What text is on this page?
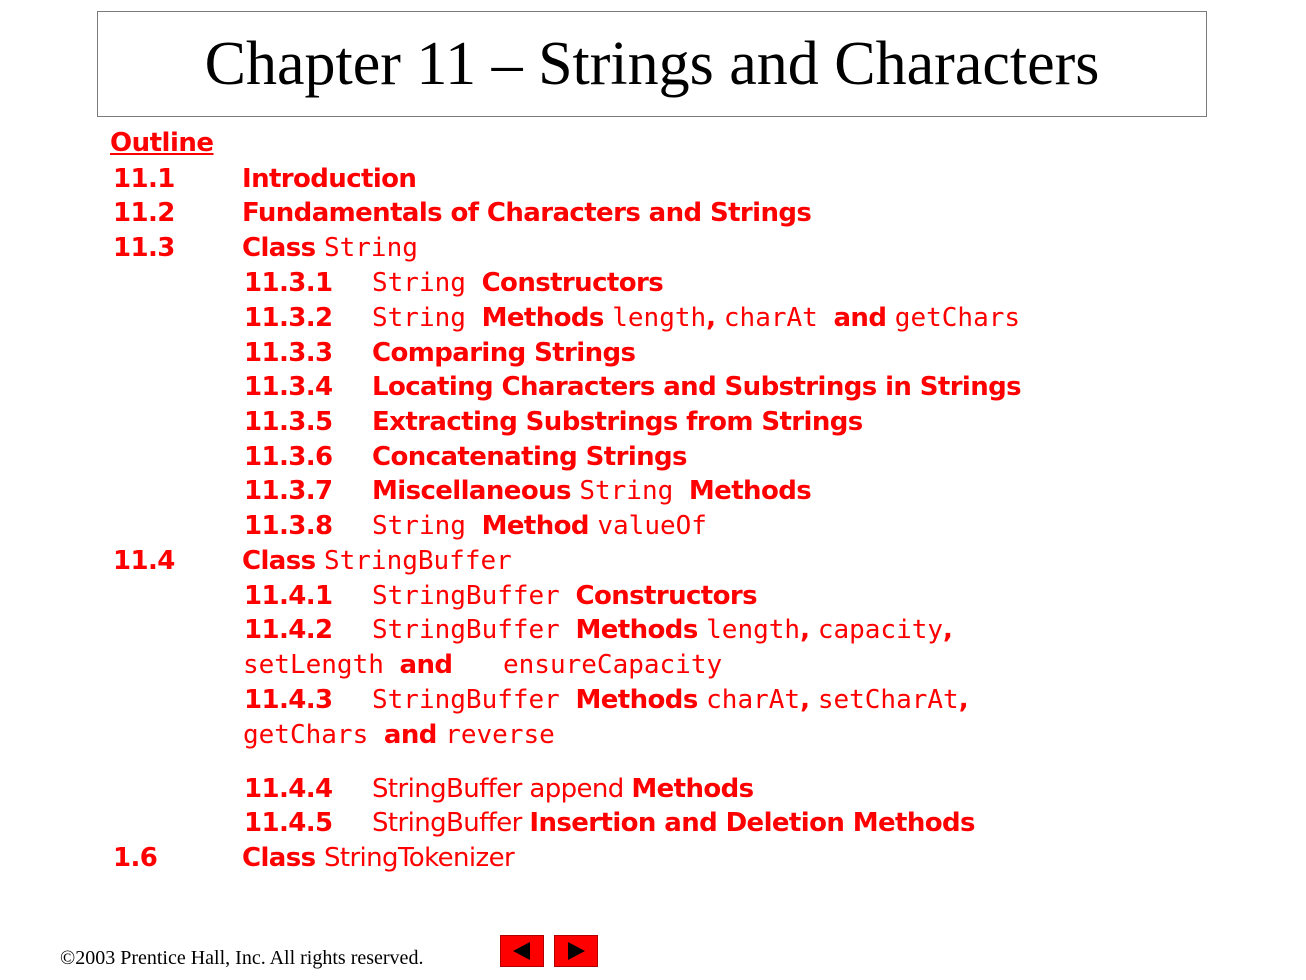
Chapter 11 – Strings and Characters
Outline
11.1	Introduction
11.2	Fundamentals of Characters and Strings
11.3	Class String
11.3.1 String Constructors
11.3.2 String Methods length, charAt and getChars
11.3.3 Comparing Strings
11.3.4 Locating Characters and Substrings in Strings
11.3.5 Extracting Substrings from Strings
11.3.6 Concatenating Strings
11.3.7 Miscellaneous String Methods
11.3.8 String Method valueOf
11.4	Class StringBuffer
11.4.1 StringBuffer Constructors
11.4.2 StringBuffer Methods length, capacity,
setLength and ensureCapacity
11.4.3 StringBuffer Methods charAt, setCharAt,
getChars and reverse
11.4.4 StringBuffer append Methods
11.4.5 StringBuffer Insertion and Deletion Methods
1.6	Class StringTokenizer
©2003 Prentice Hall, Inc. All rights reserved.
